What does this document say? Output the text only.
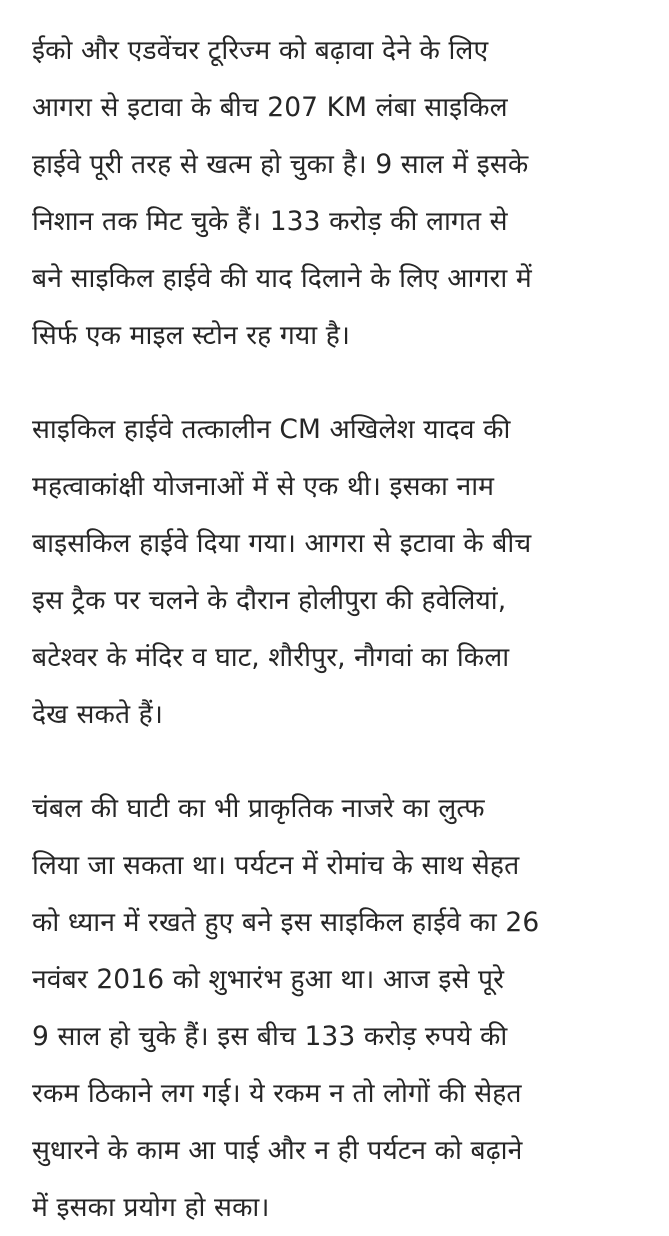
ईको और एडवेंचर टूरिज्म को बढ़ावा देने के लिए
आगरा से इटावा के बीच 207 KM लंबा साइकिल
हाईवे पूरी तरह से खत्म हो चुका है। 9 साल में इसके
निशान तक मिट चुके हैं। 133 करोड़ की लागत से
बने साइकिल हाईवे की याद दिलाने के लिए आगरा में
सिर्फ एक माइल स्टोन रह गया है।

साइकिल हाईवे तत्कालीन CM अखिलेश यादव की
महत्वाकांक्षी योजनाओं में से एक थी। इसका नाम
बाइसकिल हाईवे दिया गया। आगरा से इटावा के बीच
इस ट्रैक पर चलने के दौरान होलीपुरा की हवेलियां,
बटेश्वर के मंदिर व घाट, शौरीपुर, नौगवां का किला
देख सकते हैं।

चंबल की घाटी का भी प्राकृतिक नाजरे का लुत्फ
लिया जा सकता था। पर्यटन में रोमांच के साथ सेहत
को ध्यान में रखते हुए बने इस साइकिल हाईवे का 26
नवंबर 2016 को शुभारंभ हुआ था। आज इसे पूरे
9 साल हो चुके हैं। इस बीच 133 करोड़ रुपये की
रकम ठिकाने लग गई। ये रकम न तो लोगों की सेहत
सुधारने के काम आ पाई और न ही पर्यटन को बढ़ाने
में इसका प्रयोग हो सका।
